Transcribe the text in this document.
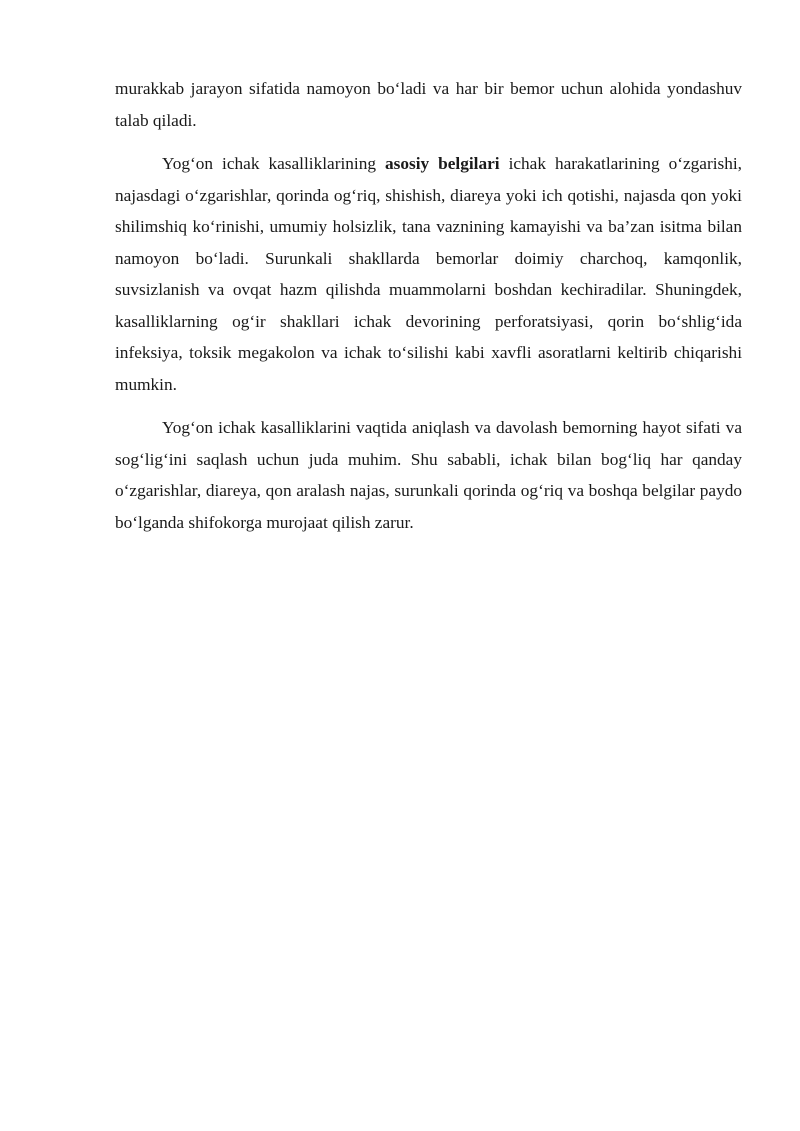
murakkab jarayon sifatida namoyon bo‘ladi va har bir bemor uchun alohida yondashuv talab qiladi.

Yog‘on ichak kasalliklarining asosiy belgilari ichak harakatlarining o‘zgarishi, najasdagi o‘zgarishlar, qorinda og‘riq, shishish, diareya yoki ich qotishi, najasda qon yoki shilimshiq ko‘rinishi, umumiy holsizlik, tana vaznining kamayishi va ba’zan isitma bilan namoyon bo‘ladi. Surunkali shakllarda bemorlar doimiy charchoq, kamqonlik, suvsizlanish va ovqat hazm qilishda muammolarni boshdan kechiradilar. Shuningdek, kasalliklarning og‘ir shakllari ichak devorining perforatsiyasi, qorin bo‘shlig‘ida infeksiya, toksik megakolon va ichak to‘silishi kabi xavfli asoratlarni keltirib chiqarishi mumkin.

Yog‘on ichak kasalliklarini vaqtida aniqlash va davolash bemorning hayot sifati va sog‘lig‘ini saqlash uchun juda muhim. Shu sababli, ichak bilan bog‘liq har qanday o‘zgarishlar, diareya, qon aralash najas, surunkali qorinda og‘riq va boshqa belgilar paydo bo‘lganda shifokorga murojaat qilish zarur.
